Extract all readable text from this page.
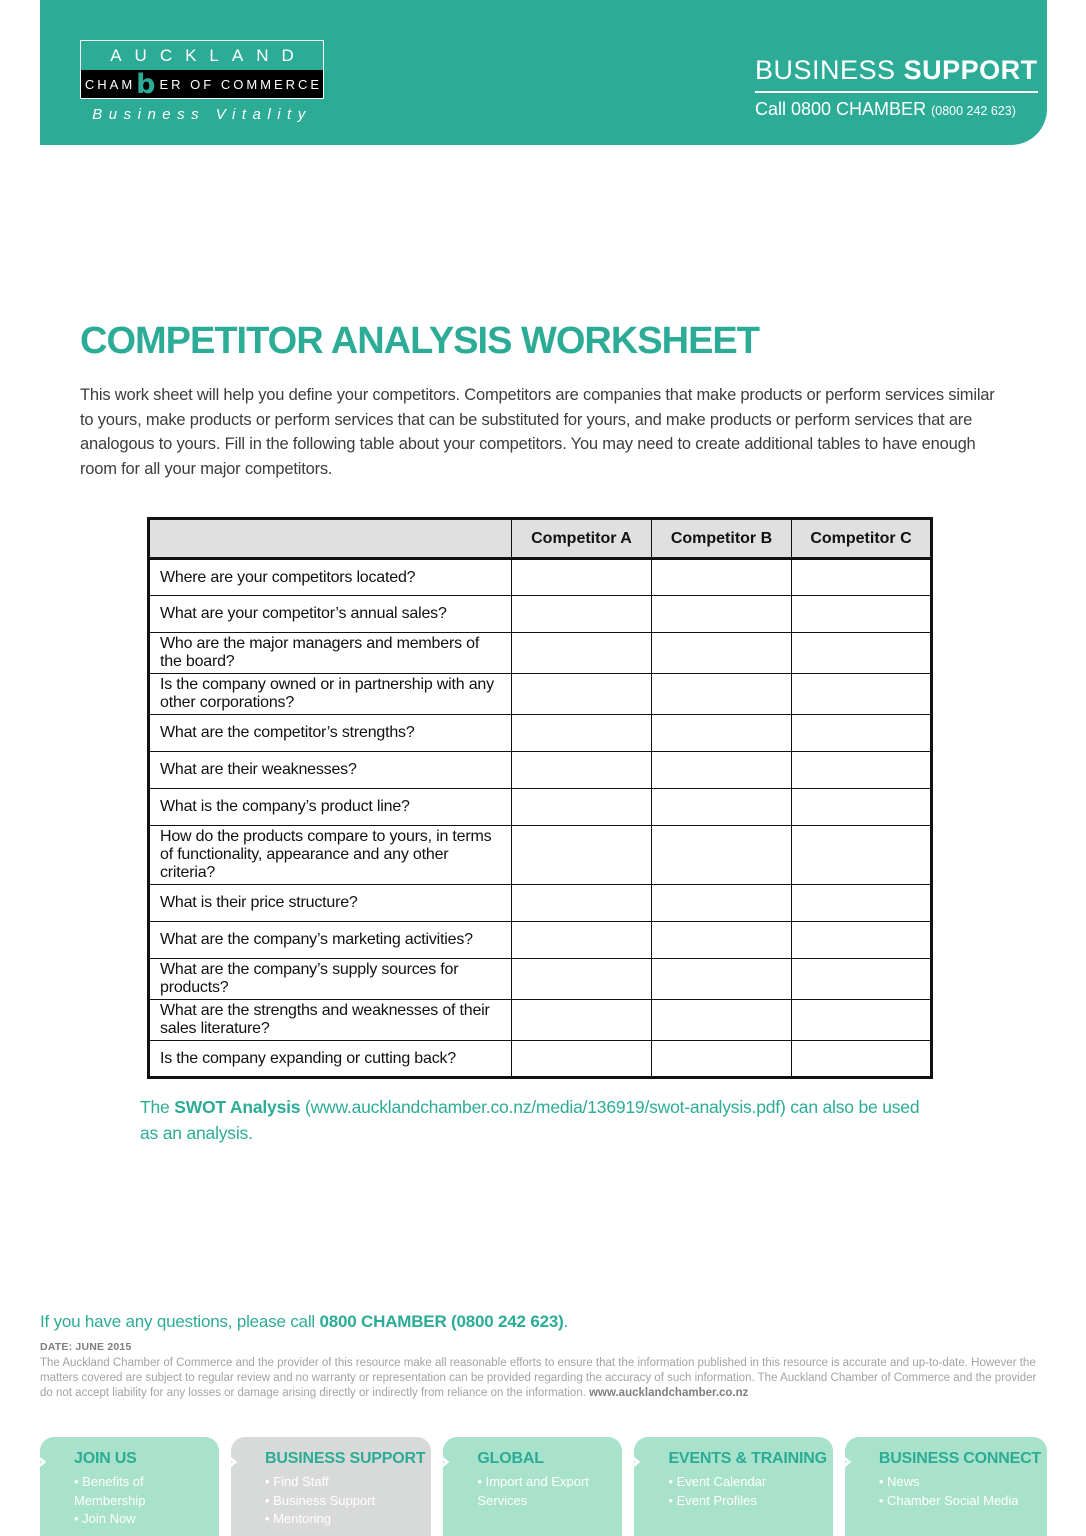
AUCKLAND
CHAM b ER OF COMMERCE
Business Vitality
BUSINESS SUPPORT
Call 0800 CHAMBER (0800 242 623)
COMPETITOR ANALYSIS WORKSHEET

This work sheet will help you define your competitors. Competitors are companies that make products or perform services similar to yours, make products or perform services that can be substituted for yours, and make products or perform services that are analogous to yours. Fill in the following table about your competitors. You may need to create additional tables to have enough room for all your major competitors.

	Competitor A	Competitor B	Competitor C
Where are your competitors located?			
What are your competitor’s annual sales?			
Who are the major managers and members of the board?			
Is the company owned or in partnership with any other corporations?			
What are the competitor’s strengths?			
What are their weaknesses?			
What is the company’s product line?			
How do the products compare to yours, in terms of functionality, appearance and any other criteria?			
What is their price structure?			
What are the company’s marketing activities?			
What are the company’s supply sources for products?			
What are the strengths and weaknesses of their sales literature?			
Is the company expanding or cutting back?			

The SWOT Analysis (www.aucklandchamber.co.nz/media/136919/swot-analysis.pdf) can also be used as an analysis.

If you have any questions, please call 0800 CHAMBER (0800 242 623).

DATE: JUNE 2015

The Auckland Chamber of Commerce and the provider of this resource make all reasonable efforts to ensure that the information published in this resource is accurate and up-to-date. However the matters covered are subject to regular review and no warranty or representation can be provided regarding the accuracy of such information. The Auckland Chamber of Commerce and the provider do not accept liability for any losses or damage arising directly or indirectly from reliance on the information. www.aucklandchamber.co.nz

JOIN US
• Benefits of Membership
• Join Now
BUSINESS SUPPORT
• Find Staff
• Business Support
• Mentoring
GLOBAL
• Import and Export Services
EVENTS & TRAINING
• Event Calendar
• Event Profiles
BUSINESS CONNECT
• News
• Chamber Social Media
